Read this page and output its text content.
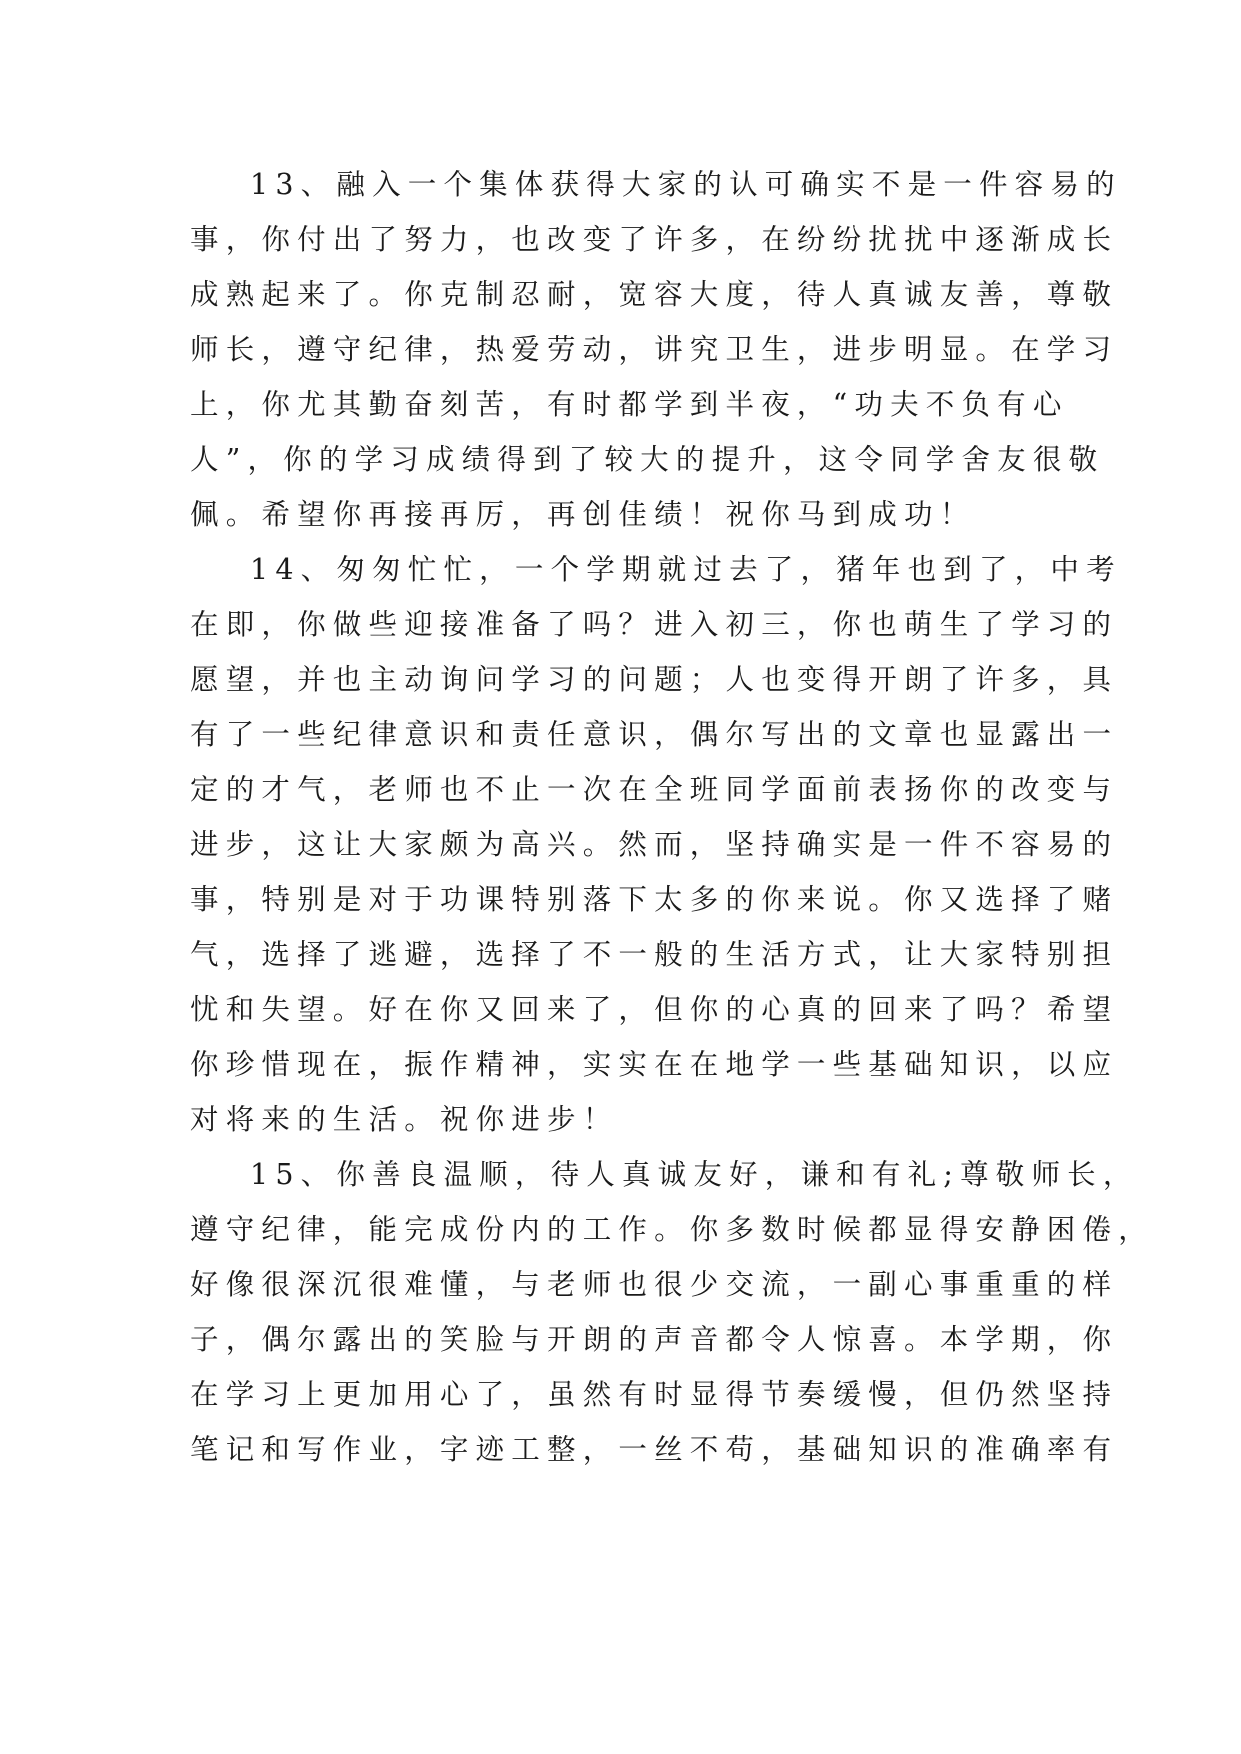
13、融入一个集体获得大家的认可确实不是一件容易的
事，你付出了努力，也改变了许多，在纷纷扰扰中逐渐成长
成熟起来了。你克制忍耐，宽容大度，待人真诚友善，尊敬
师长，遵守纪律，热爱劳动，讲究卫生，进步明显。在学习
上，你尤其勤奋刻苦，有时都学到半夜，“功夫不负有心
人”，你的学习成绩得到了较大的提升，这令同学舍友很敬
佩。希望你再接再厉，再创佳绩！祝你马到成功！
14、匆匆忙忙，一个学期就过去了，猪年也到了，中考
在即，你做些迎接准备了吗？进入初三，你也萌生了学习的
愿望，并也主动询问学习的问题；人也变得开朗了许多，具
有了一些纪律意识和责任意识，偶尔写出的文章也显露出一
定的才气，老师也不止一次在全班同学面前表扬你的改变与
进步，这让大家颇为高兴。然而，坚持确实是一件不容易的
事，特别是对于功课特别落下太多的你来说。你又选择了赌
气，选择了逃避，选择了不一般的生活方式，让大家特别担
忧和失望。好在你又回来了，但你的心真的回来了吗？希望
你珍惜现在，振作精神，实实在在地学一些基础知识，以应
对将来的生活。祝你进步！
15、你善良温顺，待人真诚友好，谦和有礼;尊敬师长，
遵守纪律，能完成份内的工作。你多数时候都显得安静困倦，
好像很深沉很难懂，与老师也很少交流，一副心事重重的样
子，偶尔露出的笑脸与开朗的声音都令人惊喜。本学期，你
在学习上更加用心了，虽然有时显得节奏缓慢，但仍然坚持
笔记和写作业，字迹工整，一丝不苟，基础知识的准确率有
